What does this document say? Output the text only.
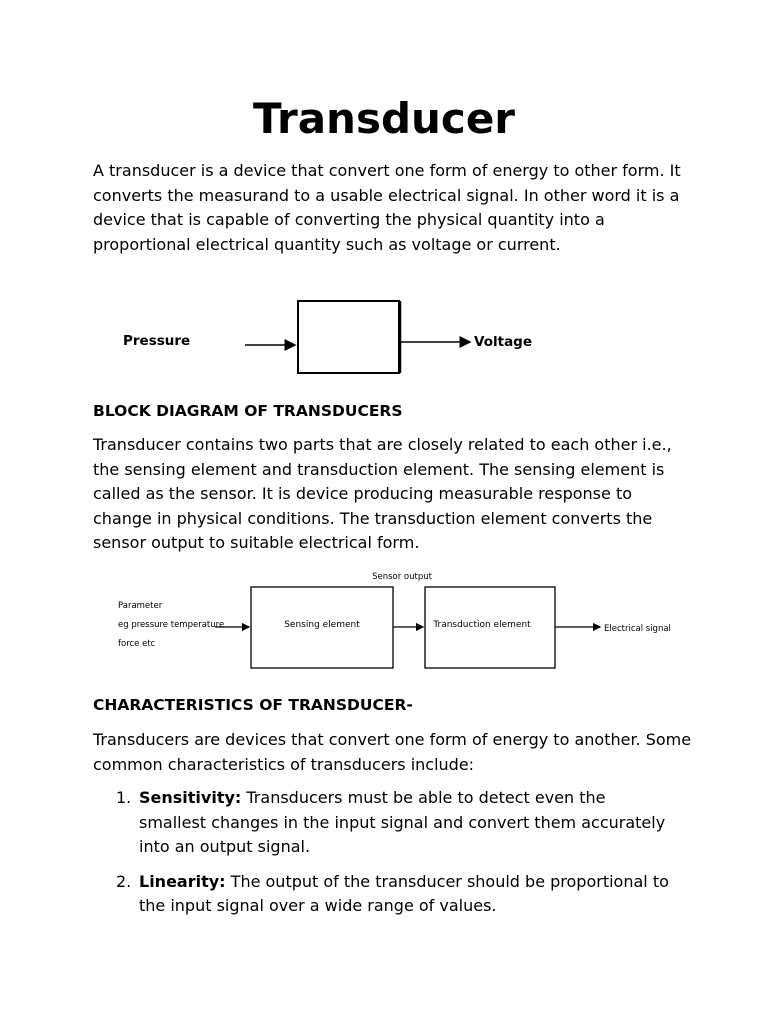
Transducer
A transducer is a device that convert one form of energy to other form. It converts the measurand to a usable electrical signal. In other word it is a device that is capable of converting the physical quantity into a proportional electrical quantity such as voltage or current.
Pressure	Voltage
BLOCK DIAGRAM OF TRANSDUCERS
Transducer contains two parts that are closely related to each other i.e., the sensing element and transduction element. The sensing element is called as the sensor. It is device producing measurable response to change in physical conditions. The transduction element converts the sensor output to suitable electrical form.
Parameter
eg pressure temperature
force etc
Sensing element
Sensor output
Transduction element	Electrical signal
CHARACTERISTICS OF TRANSDUCER-
Transducers are devices that convert one form of energy to another. Some common characteristics of transducers include:
1. Sensitivity: Transducers must be able to detect even the smallest changes in the input signal and convert them accurately into an output signal.
2. Linearity: The output of the transducer should be proportional to the input signal over a wide range of values.
